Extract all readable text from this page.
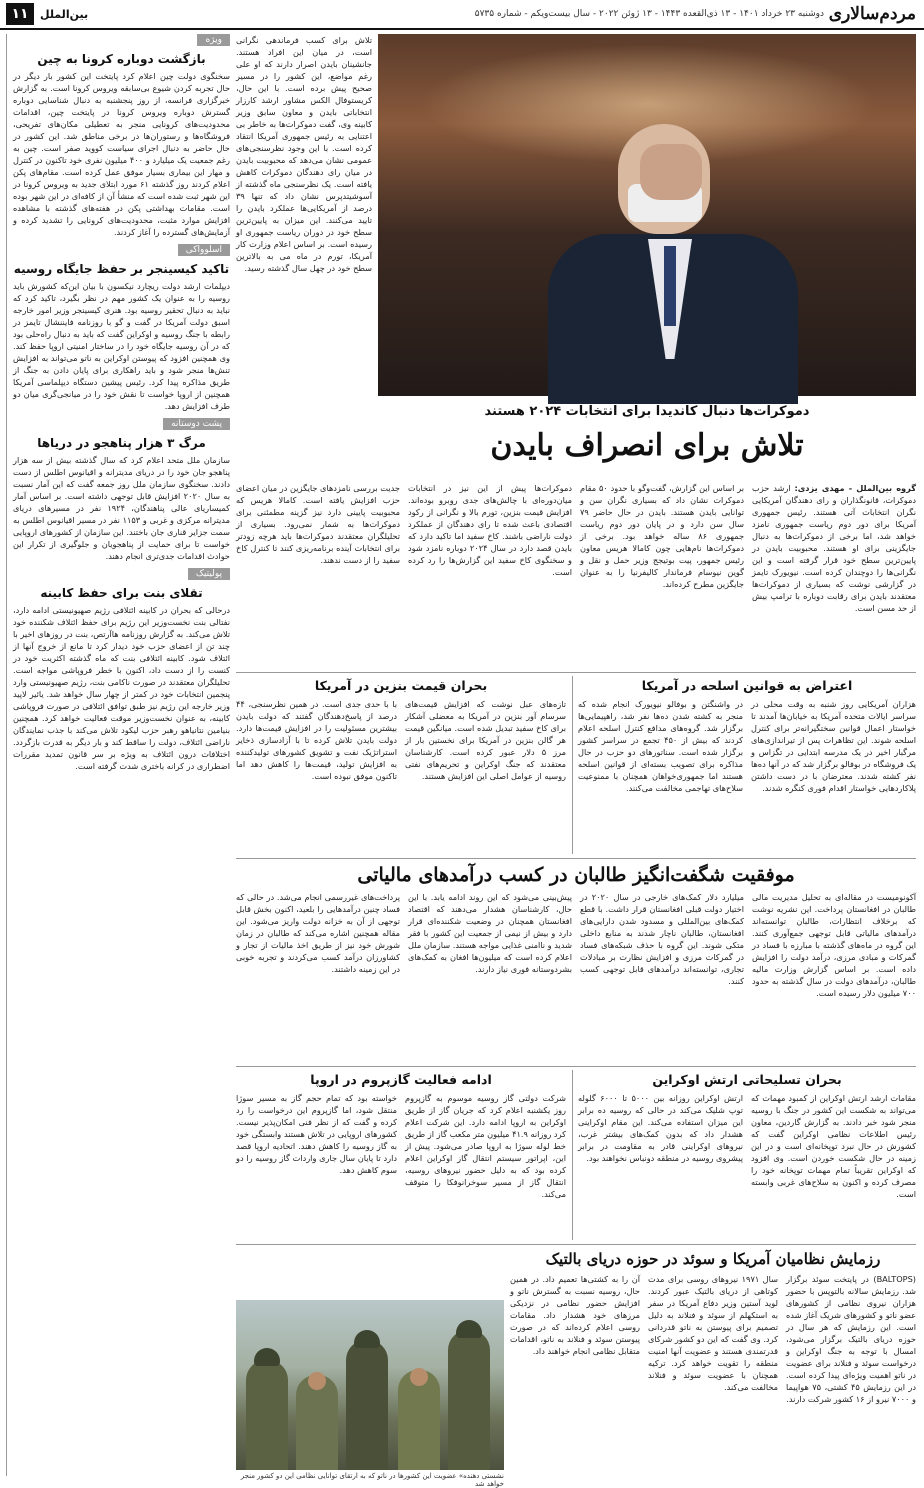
مردم‌سالاری
دوشنبه ۲۳ خرداد ۱۴۰۱ - ۱۳ ذی‌القعده ۱۴۴۳ - ۱۳ ژوئن ۲۰۲۲ - سال بیست‌ویکم - شماره ۵۷۳۵
بین‌الملل
۱۱
ویژه
بازگشت دوباره کرونا به چین

سخنگوی دولت چین اعلام کرد پایتخت این کشور بار دیگر در حال تجربه کردن شیوع بی‌سابقه ویروس کرونا است. به گزارش خبرگزاری فرانسه، از روز پنجشنبه به دنبال شناسایی دوباره گسترش دوباره ویروس کرونا در پایتخت چین، اقدامات محدودیت‌های کرونایی منجر به تعطیلی مکان‌های تفریحی، فروشگاه‌ها و رستوران‌ها در برخی مناطق شد. این کشور در حال حاضر به دنبال اجرای سیاست کووید صفر است. چین به رغم جمعیت یک میلیارد و ۴۰۰ میلیون نفری خود تاکنون در کنترل و مهار این بیماری بسیار موفق عمل کرده است. مقام‌های پکن اعلام کردند روز گذشته ۶۱ مورد ابتلای جدید به ویروس کرونا در این شهر ثبت شده است که منشأ آن از کافه‌ای در این شهر بوده است. مقامات بهداشتی پکن در هفته‌های گذشته با مشاهده افزایش موارد مثبت، محدودیت‌های کرونایی را تشدید کرده و آزمایش‌های گسترده را آغاز کردند.

اسلوواکی
تاکید کیسینجر بر حفظ جایگاه روسیه

دیپلمات ارشد دولت ریچارد نیکسون با بیان این‌که کشورش باید روسیه را به عنوان یک کشور مهم در نظر بگیرد، تاکید کرد که نباید به دنبال تحقیر روسیه بود. هنری کیسینجر وزیر امور خارجه اسبق دولت آمریکا در گفت و گو با روزنامه فایننشال تایمز در رابطه با جنگ روسیه و اوکراین گفت که باید به دنبال راه‌حلی بود که در آن روسیه جایگاه خود را در ساختار امنیتی اروپا حفظ کند. وی همچنین افزود که پیوستن اوکراین به ناتو می‌تواند به افزایش تنش‌ها منجر شود و باید راهکاری برای پایان دادن به جنگ از طریق مذاکره پیدا کرد. رئیس پیشین دستگاه دیپلماسی آمریکا همچنین از اروپا خواست تا نقش خود را در میانجی‌گری میان دو طرف افزایش دهد.

پشت دوستانه
مرگ ۳ هزار پناهجو در دریاها

سازمان ملل متحد اعلام کرد که سال گذشته بیش از سه هزار پناهجو جان خود را در دریای مدیترانه و اقیانوس اطلس از دست دادند. سخنگوی سازمان ملل روز جمعه گفت که این آمار نسبت به سال ۲۰۲۰ افزایش قابل توجهی داشته است. بر اساس آمار کمیساریای عالی پناهندگان، ۱۹۲۴ نفر در مسیرهای دریای مدیترانه مرکزی و غربی و ۱۱۵۳ نفر در مسیر اقیانوس اطلس به سمت جزایر قناری جان باختند. این سازمان از کشورهای اروپایی خواست تا برای حمایت از پناهجویان و جلوگیری از تکرار این حوادث اقدامات جدی‌تری انجام دهند.

پولیتیک
تقلای بنت برای حفظ کابینه

درحالی که بحران در کابینه ائتلافی رژیم صهیونیستی ادامه دارد، نفتالی بنت نخست‌وزیر این رژیم برای حفظ ائتلاف شکننده خود تلاش می‌کند. به گزارش روزنامه هاآرتص، بنت در روزهای اخیر با چند تن از اعضای حزب خود دیدار کرد تا مانع از خروج آنها از ائتلاف شود. کابینه ائتلافی بنت که ماه گذشته اکثریت خود در کنست را از دست داد، اکنون با خطر فروپاشی مواجه است. تحلیلگران معتقدند در صورت ناکامی بنت، رژیم صهیونیستی وارد پنجمین انتخابات خود در کمتر از چهار سال خواهد شد. یائیر لاپید وزیر خارجه این رژیم نیز طبق توافق ائتلافی در صورت فروپاشی کابینه، به عنوان نخست‌وزیر موقت فعالیت خواهد کرد. همچنین بنیامین نتانیاهو رهبر حزب لیکود تلاش می‌کند با جذب نمایندگان ناراضی ائتلاف، دولت را ساقط کند و بار دیگر به قدرت بازگردد. اختلافات درون ائتلاف به ویژه بر سر قانون تمدید مقررات اضطراری در کرانه باختری شدت گرفته است.

تلاش برای کسب فرماندهی نگرانی است، در میان این افراد هستند. جانشینان بایدن اصرار دارند که او علی رغم مواضع، این کشور را در مسیر صحیح پیش برده است. با این حال، کریستوفال الکس مشاور ارشد کارزار انتخاباتی بایدن و معاون سابق وزیر کابینه وی، گفت دموکرات‌ها به خاطر بی اعتنایی به رئیس جمهوری آمریکا انتقاد کرده است. با این وجود نظرسنجی‌های عمومی نشان می‌دهد که محبوبیت بایدن در میان رای دهندگان دموکرات کاهش یافته است. یک نظرسنجی ماه گذشته از آسوشیتدپرس نشان داد که تنها ۳۹ درصد از آمریکایی‌ها عملکرد بایدن را تایید می‌کنند. این میزان به پایین‌ترین سطح خود در دوران ریاست جمهوری او رسیده است. بر اساس اعلام وزارت کار آمریکا، تورم در ماه می به بالاترین سطح خود در چهل سال گذشته رسید.

دموکرات‌ها دنبال کاندیدا برای انتخابات ۲۰۲۴ هستند
تلاش برای انصراف بایدن
گروه بین‌الملل - مهدی یزدی: ارشد حزب دموکرات، قانونگذاران و رای دهندگان آمریکایی نگران انتخابات آتی هستند. رئیس جمهوری آمریکا برای دور دوم ریاست جمهوری نامزد خواهد شد، اما برخی از دموکرات‌ها به دنبال جایگزینی برای او هستند. محبوبیت بایدن در پایین‌ترین سطح خود قرار گرفته است و این نگرانی‌ها را دوچندان کرده است. نیویورک تایمز در گزارشی نوشت که بسیاری از دموکرات‌ها معتقدند بایدن برای رقابت دوباره با ترامپ بیش از حد مسن است.
بر اساس این گزارش، گفت‌وگو با حدود ۵۰ مقام دموکرات نشان داد که بسیاری نگران سن و توانایی بایدن هستند. بایدن در حال حاضر ۷۹ سال سن دارد و در پایان دور دوم ریاست جمهوری ۸۶ ساله خواهد بود. برخی از دموکرات‌ها نام‌هایی چون کامالا هریس معاون رئیس جمهور، پیت بوتیجج وزیر حمل و نقل و گوین نیوسام فرماندار کالیفرنیا را به عنوان جایگزین مطرح کرده‌اند.
دموکرات‌ها پیش از این نیز در انتخابات میان‌دوره‌ای با چالش‌های جدی روبرو بوده‌اند. افزایش قیمت بنزین، تورم بالا و نگرانی از رکود اقتصادی باعث شده تا رای دهندگان از عملکرد دولت ناراضی باشند. کاخ سفید اما تاکید دارد که بایدن قصد دارد در سال ۲۰۲۴ دوباره نامزد شود و سخنگوی کاخ سفید این گزارش‌ها را رد کرده است.
جدیت بررسی نامزدهای جایگزین در میان اعضای حزب افزایش یافته است. کامالا هریس که محبوبیت پایینی دارد نیز گزینه مطمئنی برای دموکرات‌ها به شمار نمی‌رود. بسیاری از تحلیلگران معتقدند دموکرات‌ها باید هرچه زودتر برای انتخابات آینده برنامه‌ریزی کنند تا کنترل کاخ سفید را از دست ندهند.
اعتراض به قوانین اسلحه در آمریکا
هزاران آمریکایی روز شنبه به وقت محلی در سراسر ایالات متحده آمریکا به خیابان‌ها آمدند تا خواستار اعمال قوانین سختگیرانه‌تر برای کنترل اسلحه شوند. این تظاهرات پس از تیراندازی‌های مرگبار اخیر در یک مدرسه ابتدایی در تگزاس و یک فروشگاه در بوفالو برگزار شد که در آنها ده‌ها نفر کشته شدند. معترضان با در دست داشتن پلاکاردهایی خواستار اقدام فوری کنگره شدند.
در واشنگتن و بوفالو نیویورک انجام شده که منجر به کشته شدن ده‌ها نفر شد، راهپیمایی‌ها برگزار شد. گروه‌های مدافع کنترل اسلحه اعلام کردند که بیش از ۴۵۰ تجمع در سراسر کشور برگزار شده است. سناتورهای دو حزب در حال مذاکره برای تصویب بسته‌ای از قوانین اسلحه هستند اما جمهوری‌خواهان همچنان با ممنوعیت سلاح‌های تهاجمی مخالفت می‌کنند.
بحران قیمت بنزین در آمریکا
تازه‌های عبل نوشت که افزایش قیمت‌های سرسام آور بنزین در آمریکا به معضلی آشکار برای کاخ سفید تبدیل شده است. میانگین قیمت هر گالن بنزین در آمریکا برای نخستین بار از مرز ۵ دلار عبور کرده است. کارشناسان معتقدند که جنگ اوکراین و تحریم‌های نفتی روسیه از عوامل اصلی این افزایش هستند.
با با حدی جدی است. در همین نظرسنجی، ۴۴ درصد از پاسخ‌دهندگان گفتند که دولت بایدن بیشترین مسئولیت را در افزایش قیمت‌ها دارد. دولت بایدن تلاش کرده تا با آزادسازی ذخایر استراتژیک نفت و تشویق کشورهای تولیدکننده به افزایش تولید، قیمت‌ها را کاهش دهد اما تاکنون موفق نبوده است.
موفقیت شگفت‌انگیز طالبان در کسب درآمدهای مالیاتی
آکونومیست در مقاله‌ای به تحلیل مدیریت مالی طالبان در افغانستان پرداخت. این نشریه نوشت که برخلاف انتظارات، طالبان توانسته‌اند درآمدهای مالیاتی قابل توجهی جمع‌آوری کنند. این گروه در ماه‌های گذشته با مبارزه با فساد در گمرکات و مبادی مرزی، درآمد دولت را افزایش داده است. بر اساس گزارش وزارت مالیه طالبان، درآمدهای دولت در سال گذشته به حدود ۷۰۰ میلیون دلار رسیده است.
میلیارد دلار کمک‌های خارجی در سال ۲۰۲۰ در اختیار دولت قبلی افغانستان قرار داشت. با قطع کمک‌های بین‌المللی و مسدود شدن دارایی‌های افغانستان، طالبان ناچار شدند به منابع داخلی متکی شوند. این گروه با حذف شبکه‌های فساد در گمرکات مرزی و افزایش نظارت بر مبادلات تجاری، توانسته‌اند درآمدهای قابل توجهی کسب کنند.
پیش‌بینی می‌شود که این روند ادامه یابد. با این حال، کارشناسان هشدار می‌دهند که اقتصاد افغانستان همچنان در وضعیت شکننده‌ای قرار دارد و بیش از نیمی از جمعیت این کشور با فقر شدید و ناامنی غذایی مواجه هستند. سازمان ملل اعلام کرده است که میلیون‌ها افغان به کمک‌های بشردوستانه فوری نیاز دارند.
پرداخت‌های غیررسمی انجام می‌شد. در حالی که فساد چنین درآمدهایی را بلعید، اکنون بخش قابل توجهی از آن به خزانه دولت واریز می‌شود. این مقاله همچنین اشاره می‌کند که طالبان در زمان شورش خود نیز از طریق اخذ مالیات از تجار و کشاورزان درآمد کسب می‌کردند و تجربه خوبی در این زمینه داشتند.
بحران تسلیحاتی ارتش اوکراین
مقامات ارشد ارتش اوکراین از کمبود مهمات که می‌تواند به شکست این کشور در جنگ با روسیه منجر شود خبر دادند. به گزارش گاردین، معاون رئیس اطلاعات نظامی اوکراین گفت که کشورش در حال نبرد توپخانه‌ای است و در این زمینه در حال شکست خوردن است. وی افزود که اوکراین تقریباً تمام مهمات توپخانه خود را مصرف کرده و اکنون به سلاح‌های غربی وابسته است.
ارتش اوکراین روزانه بین ۵۰۰۰ تا ۶۰۰۰ گلوله توپ شلیک می‌کند در حالی که روسیه ده برابر این میزان استفاده می‌کند. این مقام اوکراینی هشدار داد که بدون کمک‌های بیشتر غرب، نیروهای اوکراینی قادر به مقاومت در برابر پیشروی روسیه در منطقه دونباس نخواهند بود.
ادامه فعالیت گازپروم در اروپا
شرکت دولتی گاز روسیه موسوم به گازپروم روز یکشنبه اعلام کرد که جریان گاز از طریق اوکراین به اروپا ادامه دارد. این شرکت اعلام کرد روزانه ۴۱.۹ میلیون متر مکعب گاز از طریق خط لوله سوژا به اروپا صادر می‌شود. پیش از این، اپراتور سیستم انتقال گاز اوکراین اعلام کرده بود که به دلیل حضور نیروهای روسیه، انتقال گاز از مسیر سوخرانوفکا را متوقف می‌کند.
خواسته بود که تمام حجم گاز به مسیر سوژا منتقل شود، اما گازپروم این درخواست را رد کرده و گفت که از نظر فنی امکان‌پذیر نیست. کشورهای اروپایی در تلاش هستند وابستگی خود به گاز روسیه را کاهش دهند. اتحادیه اروپا قصد دارد تا پایان سال جاری واردات گاز روسیه را دو سوم کاهش دهد.
رزمایش نظامیان آمریکا و سوئد در حوزه دریای بالتیک
(BALTOPS) در پایتخت سوئد برگزار شد. رزمایش سالانه بالتوپس با حضور هزاران نیروی نظامی از کشورهای عضو ناتو و کشورهای شریک آغاز شده است. این رزمایش که هر سال در حوزه دریای بالتیک برگزار می‌شود، امسال با توجه به جنگ اوکراین و درخواست سوئد و فنلاند برای عضویت در ناتو اهمیت ویژه‌ای پیدا کرده است. در این رزمایش ۴۵ کشتی، ۷۵ هواپیما و ۷۰۰۰ نیرو از ۱۶ کشور شرکت دارند.
سال ۱۹۷۱ نیروهای روسی برای مدت کوتاهی از دریای بالتیک عبور کردند. لوید آستین وزیر دفاع آمریکا در سفر به استکهلم از سوئد و فنلاند به دلیل تصمیم برای پیوستن به ناتو قدردانی کرد. وی گفت که این دو کشور شرکای قدرتمندی هستند و عضویت آنها امنیت منطقه را تقویت خواهد کرد. ترکیه همچنان با عضویت سوئد و فنلاند مخالفت می‌کند.
آن را به کشتی‌ها تعمیم داد. در همین حال، روسیه نسبت به گسترش ناتو و افزایش حضور نظامی در نزدیکی مرزهای خود هشدار داد. مقامات روسی اعلام کرده‌اند که در صورت پیوستن سوئد و فنلاند به ناتو، اقدامات متقابل نظامی انجام خواهند داد.
نشستی دهنده» عضویت این کشورها در ناتو که به ارتقای توانایی نظامی این دو کشور منجر خواهد شد
